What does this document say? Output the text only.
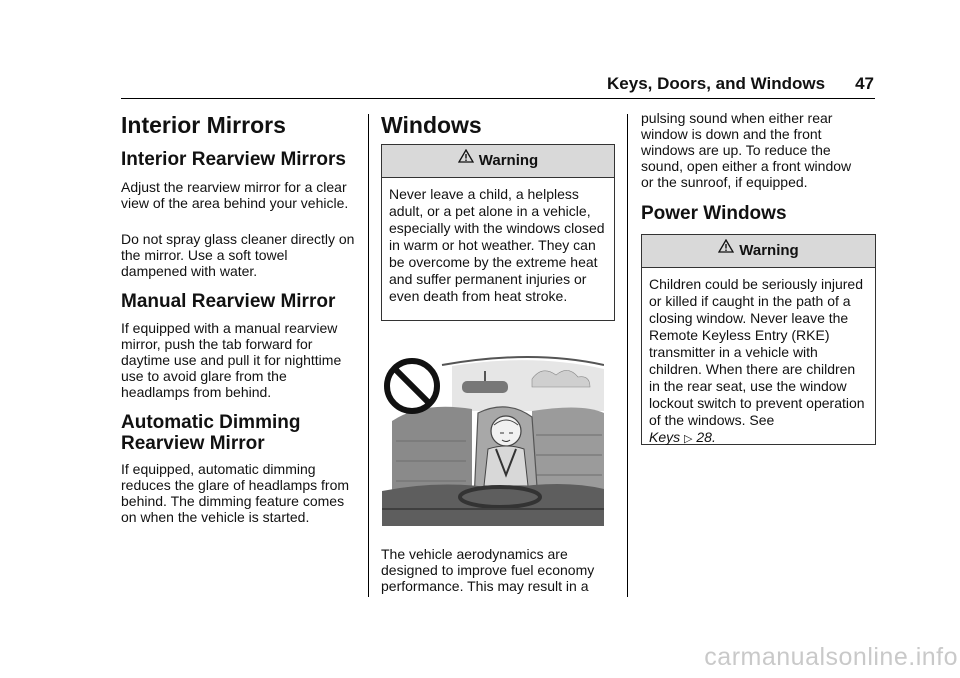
Keys, Doors, and Windows 47
Interior Mirrors
Interior Rearview Mirrors
Adjust the rearview mirror for a clear view of the area behind your vehicle.
Do not spray glass cleaner directly on the mirror. Use a soft towel dampened with water.
Manual Rearview Mirror
If equipped with a manual rearview mirror, push the tab forward for daytime use and pull it for nighttime use to avoid glare from the headlamps from behind.
Automatic Dimming
Rearview Mirror
If equipped, automatic dimming reduces the glare of headlamps from behind. The dimming feature comes on when the vehicle is started.
Windows
Warning
Never leave a child, a helpless adult, or a pet alone in a vehicle, especially with the windows closed in warm or hot weather. They can be overcome by the extreme heat and suffer permanent injuries or even death from heat stroke.
The vehicle aerodynamics are designed to improve fuel economy performance. This may result in a
pulsing sound when either rear window is down and the front windows are up. To reduce the sound, open either a front window or the sunroof, if equipped.
Power Windows
Warning
Children could be seriously injured or killed if caught in the path of a closing window. Never leave the Remote Keyless Entry (RKE) transmitter in a vehicle with children. When there are children in the rear seat, use the window lockout switch to prevent operation of the windows. See
Keys ▷ 28.
carmanualsonline.info
